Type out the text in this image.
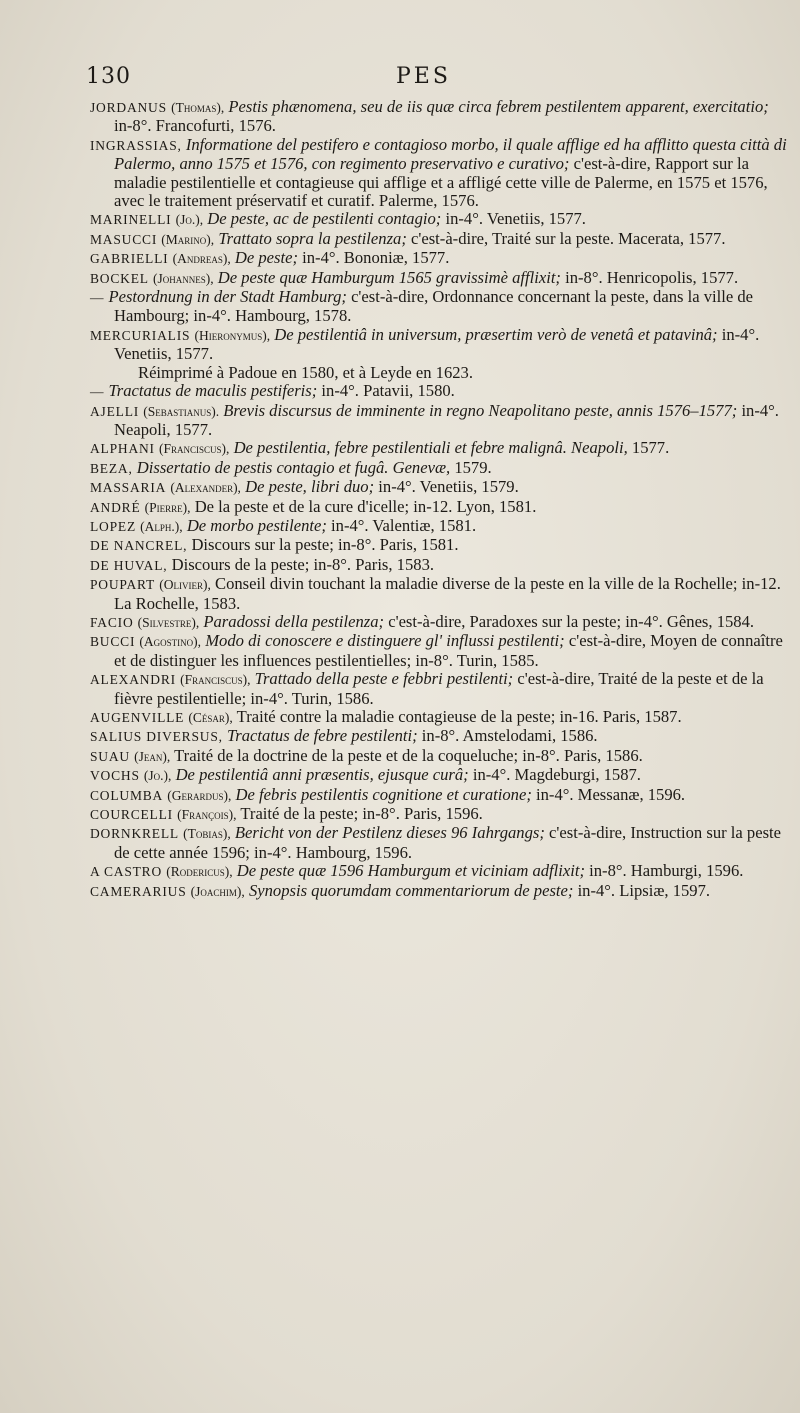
130	PES

JORDANUS (Thomas), Pestis phænomena, seu de iis quæ circa febrem pestilentem apparent, exercitatio; in-8°. Francofurti, 1576.

INGRASSIAS, Informatione del pestifero e contagioso morbo, il quale afflige ed ha afflitto questa città di Palermo, anno 1575 et 1576, con regimento preservativo e curativo; c'est-à-dire, Rapport sur la maladie pestilentielle et contagieuse qui afflige et a affligé cette ville de Palerme, en 1575 et 1576, avec le traitement préservatif et curatif. Palerme, 1576.

MARINELLI (Jo.), De peste, ac de pestilenti contagio; in-4°. Venetiis, 1577.

MASUCCI (Marino), Trattato sopra la pestilenza; c'est-à-dire, Traité sur la peste. Macerata, 1577.

GABRIELLI (Andreas), De peste; in-4°. Bononiæ, 1577.

BOCKEL (Johannes), De peste quæ Hamburgum 1565 gravissimè afflixit; in-8°. Henricopolis, 1577.

— Pestordnung in der Stadt Hamburg; c'est-à-dire, Ordonnance concernant la peste, dans la ville de Hambourg; in-4°. Hambourg, 1578.

MERCURIALIS (Hieronymus), De pestilentiâ in universum, præsertim verò de venetâ et patavinâ; in-4°. Venetiis, 1577.

Réimprimé à Padoue en 1580, et à Leyde en 1623.

— Tractatus de maculis pestiferis; in-4°. Patavii, 1580.

AJELLI (Sebastianus). Brevis discursus de imminente in regno Neapolitano peste, annis 1576–1577; in-4°. Neapoli, 1577.

ALPHANI (Franciscus), De pestilentia, febre pestilentiali et febre malignâ. Neapoli, 1577.

BEZA, Dissertatio de pestis contagio et fugâ. Genevæ, 1579.

MASSARIA (Alexander), De peste, libri duo; in-4°. Venetiis, 1579.

ANDRÉ (Pierre), De la peste et de la cure d'icelle; in-12. Lyon, 1581.

LOPEZ (Alph.), De morbo pestilente; in-4°. Valentiæ, 1581.

DE NANCREL, Discours sur la peste; in-8°. Paris, 1581.

DE HUVAL, Discours de la peste; in-8°. Paris, 1583.

POUPART (Olivier), Conseil divin touchant la maladie diverse de la peste en la ville de la Rochelle; in-12. La Rochelle, 1583.

FACIO (Silvestre), Paradossi della pestilenza; c'est-à-dire, Paradoxes sur la peste; in-4°. Gênes, 1584.

BUCCI (Agostino), Modo di conoscere e distinguere gl' influssi pestilenti; c'est-à-dire, Moyen de connaître et de distinguer les influences pestilentielles; in-8°. Turin, 1585.

ALEXANDRI (Franciscus), Trattado della peste e febbri pestilenti; c'est-à-dire, Traité de la peste et de la fièvre pestilentielle; in-4°. Turin, 1586.

AUGENVILLE (César), Traité contre la maladie contagieuse de la peste; in-16. Paris, 1587.

SALIUS DIVERSUS, Tractatus de febre pestilenti; in-8°. Amstelodami, 1586.

SUAU (Jean), Traité de la doctrine de la peste et de la coqueluche; in-8°. Paris, 1586.

VOCHS (Jo.), De pestilentiâ anni præsentis, ejusque curâ; in-4°. Magdeburgi, 1587.

COLUMBA (Gerardus), De febris pestilentis cognitione et curatione; in-4°. Messanæ, 1596.

COURCELLI (François), Traité de la peste; in-8°. Paris, 1596.

DORNKRELL (Tobias), Bericht von der Pestilenz dieses 96 Iahrgangs; c'est-à-dire, Instruction sur la peste de cette année 1596; in-4°. Hambourg, 1596.

A CASTRO (Rodericus), De peste quæ 1596 Hamburgum et viciniam adflixit; in-8°. Hamburgi, 1596.

CAMERARIUS (Joachim), Synopsis quorumdam commentariorum de peste; in-4°. Lipsiæ, 1597.
